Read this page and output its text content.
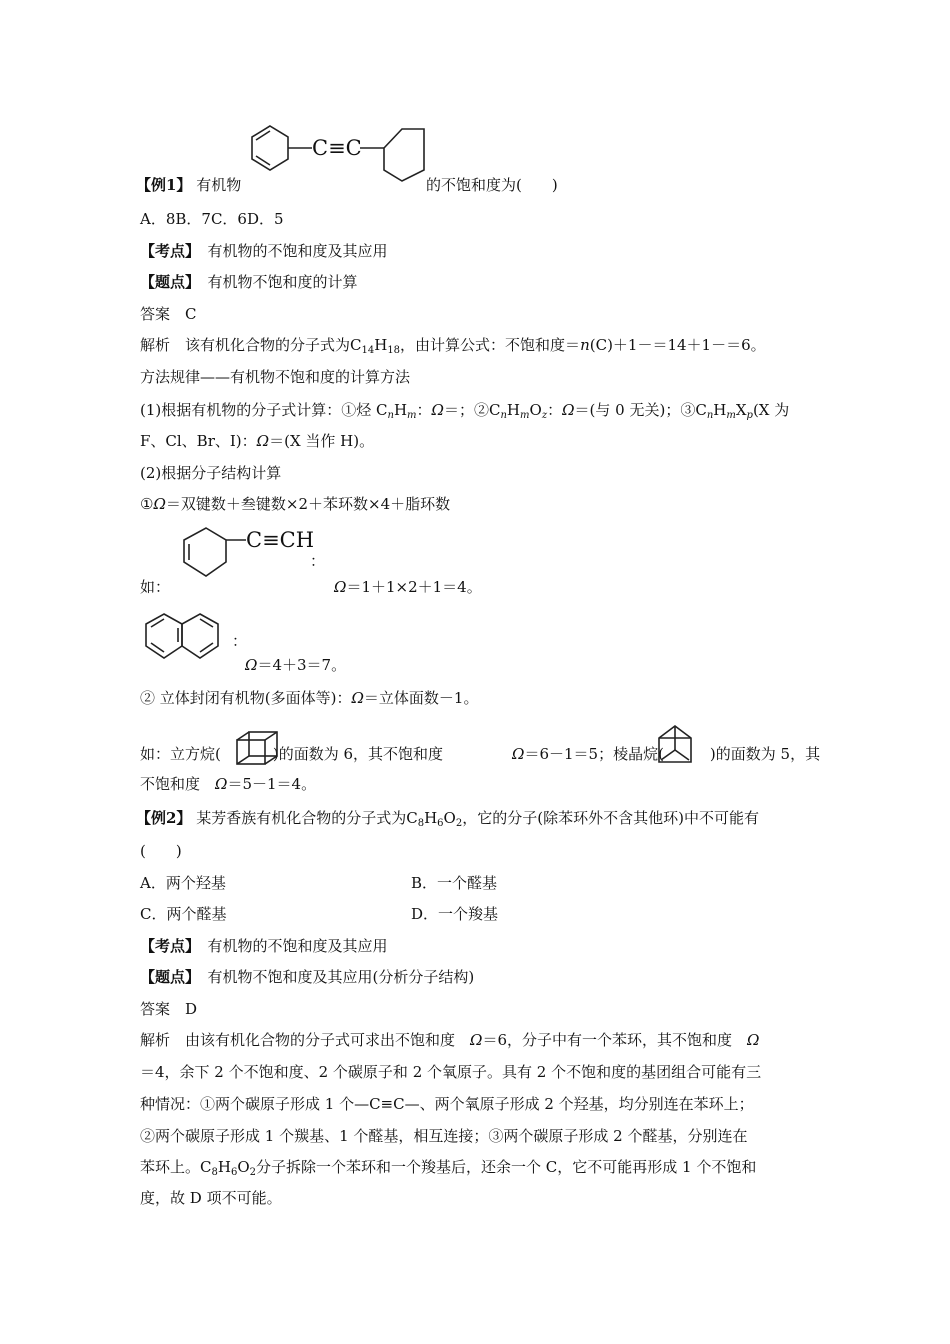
C≡C
【例1】 有机物	的不饱和度为(　　)
A．8B．7C．6D．5
【考点】　 有机物的不饱和度及其应用
【题点】　 有机物不饱和度的计算
答案　C
解析　该有机化合物的分子式为$C_{14}H_{18}$，由计算公式：不饱和度＝n(C)＋1－＝14＋1－＝6。
方法规律——有机物不饱和度的计算方法
(1)根据有机物的分子式计算：①烃 $C_nH_m$：Ω＝；$②C_nH_mO_z$：Ω＝(与 0 无关)；$③C_nH_mX_p(X$ 为
F、Cl、Br、I)：Ω＝(X 当作 H)。
(2)根据分子结构计算
①Ω＝双键数＋叁键数×2＋苯环数×4＋脂环数
C≡CH
：
如：	Ω＝1＋1×2＋1＝4。
：
Ω＝4＋3＝7。
② 立体封闭有机物(多面体等)：Ω＝立体面数－1。
如：立方烷(	)的面数为 6，其不饱和度	Ω＝6－1＝5；棱晶烷(	)的面数为 5，其
不饱和度　 Ω＝5－1＝4。
【例2】 某芳香族有机化合物的分子式为$C_8H_6O_2$，它的分子(除苯环外不含其他环)中不可能有
(　　)
A．两个羟基	B．一个醛基
C．两个醛基	D．一个羧基
【考点】　 有机物的不饱和度及其应用
【题点】　 有机物不饱和度及其应用(分析分子结构)
答案　D
解析　由该有机化合物的分子式可求出不饱和度　 Ω＝6，分子中有一个苯环，其不饱和度　 Ω
＝4，余下 2 个不饱和度、2 个碳原子和 2 个氧原子。具有 2 个不饱和度的基团组合可能有三
种情况：①两个碳原子形成 1 个—C≡C—、两个氧原子形成 2 个羟基，均分别连在苯环上；
②两个碳原子形成 1 个羰基、1 个醛基，相互连接；③两个碳原子形成 2 个醛基，分别连在
苯环上。$C_8H_6O_2$分子拆除一个苯环和一个羧基后，还余一个 C，它不可能再形成 1 个不饱和
度，故 D 项不可能。
